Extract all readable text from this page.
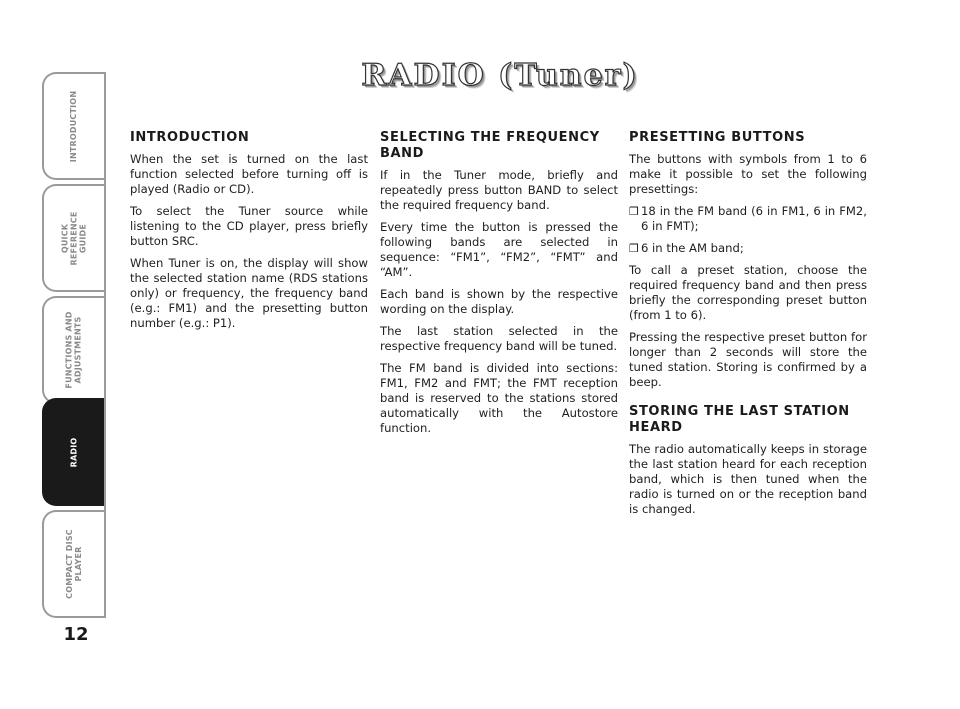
INTRODUCTION
QUICK
REFERENCE
GUIDE
FUNCTIONS AND
ADJUSTMENTS
RADIO
COMPACT DISC
PLAYER
12
RADIO (Tuner)
INTRODUCTION

When the set is turned on the last function selected before turning off is played (Radio or CD).

To select the Tuner source while listening to the CD player, press briefly button SRC.

When Tuner is on, the display will show the selected station name (RDS stations only) or frequency, the frequency band (e.g.: FM1) and the presetting button number (e.g.: P1).

SELECTING THE FREQUENCY BAND

If in the Tuner mode, briefly and repeatedly press button BAND to select the required frequency band.

Every time the button is pressed the following bands are selected in sequence: “FM1”, “FM2”, “FMT” and “AM”.

Each band is shown by the respective wording on the display.

The last station selected in the respective frequency band will be tuned.

The FM band is divided into sections: FM1, FM2 and FMT; the FMT reception band is reserved to the stations stored automatically with the Autostore function.

PRESETTING BUTTONS

The buttons with symbols from 1 to 6 make it possible to set the following presettings:

❒ 18 in the FM band (6 in FM1, 6 in FM2, 6 in FMT);
❒ 6 in the AM band;

To call a preset station, choose the required frequency band and then press briefly the corresponding preset button (from 1 to 6).

Pressing the respective preset button for longer than 2 seconds will store the tuned station. Storing is confirmed by a beep.

STORING THE LAST STATION HEARD

The radio automatically keeps in storage the last station heard for each reception band, which is then tuned when the radio is turned on or the reception band is changed.
